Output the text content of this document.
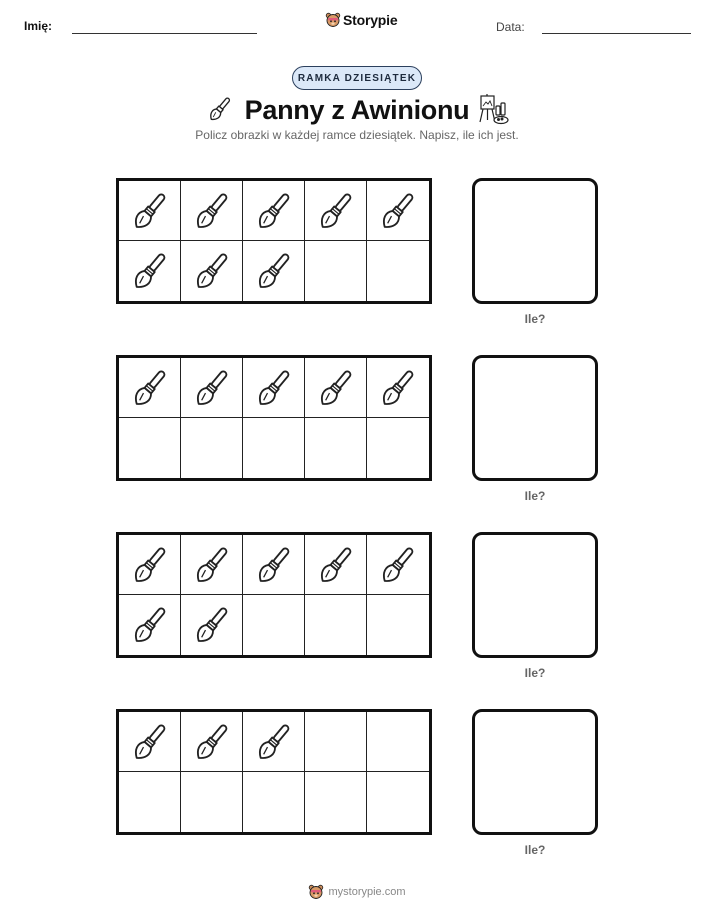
Imię:	Storypie	Data:
RAMKA DZIESIĄTEK
Panny z Awinionu
Policz obrazki w każdej ramce dziesiątek. Napisz, ile ich jest.
Ile?
Ile?
Ile?
Ile?
mystorypie.com
